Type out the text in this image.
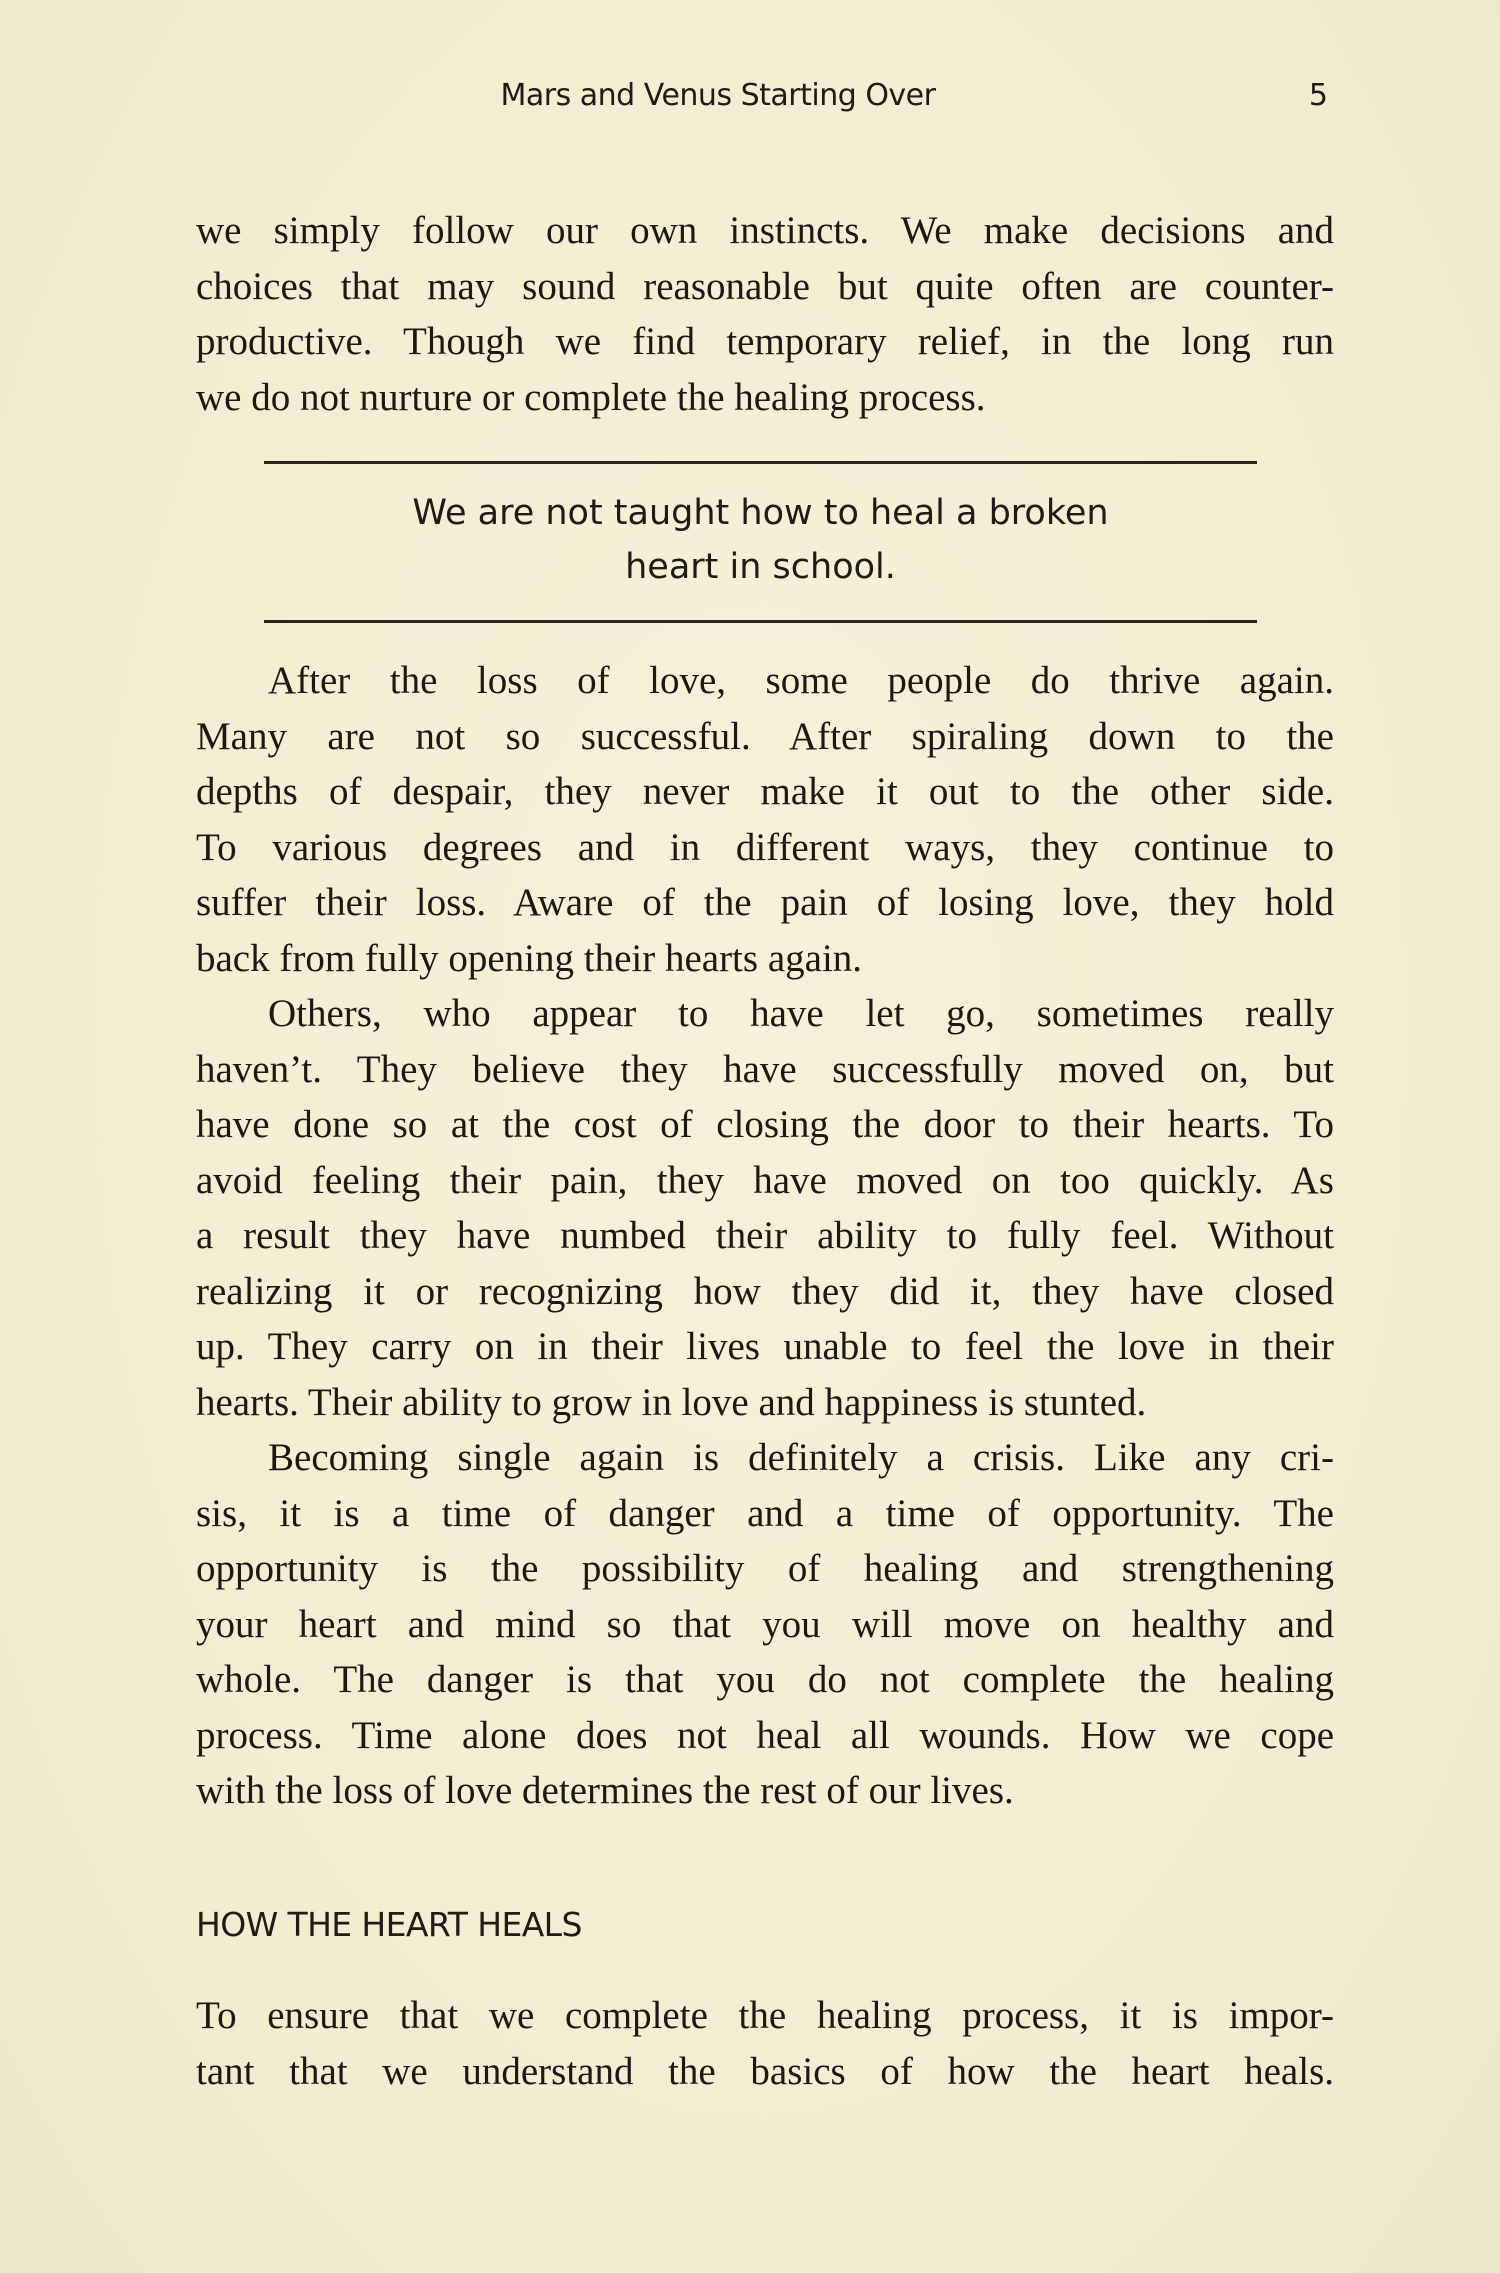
Mars and Venus Starting Over	5
we simply follow our own instincts. We make decisions and
choices that may sound reasonable but quite often are counter-
productive. Though we find temporary relief, in the long run
we do not nurture or complete the healing process.
We are not taught how to heal a broken
heart in school.
After the loss of love, some people do thrive again.
Many are not so successful. After spiraling down to the
depths of despair, they never make it out to the other side.
To various degrees and in different ways, they continue to
suffer their loss. Aware of the pain of losing love, they hold
back from fully opening their hearts again.
Others, who appear to have let go, sometimes really
haven’t. They believe they have successfully moved on, but
have done so at the cost of closing the door to their hearts. To
avoid feeling their pain, they have moved on too quickly. As
a result they have numbed their ability to fully feel. Without
realizing it or recognizing how they did it, they have closed
up. They carry on in their lives unable to feel the love in their
hearts. Their ability to grow in love and happiness is stunted.
Becoming single again is definitely a crisis. Like any cri-
sis, it is a time of danger and a time of opportunity. The
opportunity is the possibility of healing and strengthening
your heart and mind so that you will move on healthy and
whole. The danger is that you do not complete the healing
process. Time alone does not heal all wounds. How we cope
with the loss of love determines the rest of our lives.
HOW THE HEART HEALS
To ensure that we complete the healing process, it is impor-
tant that we understand the basics of how the heart heals.
